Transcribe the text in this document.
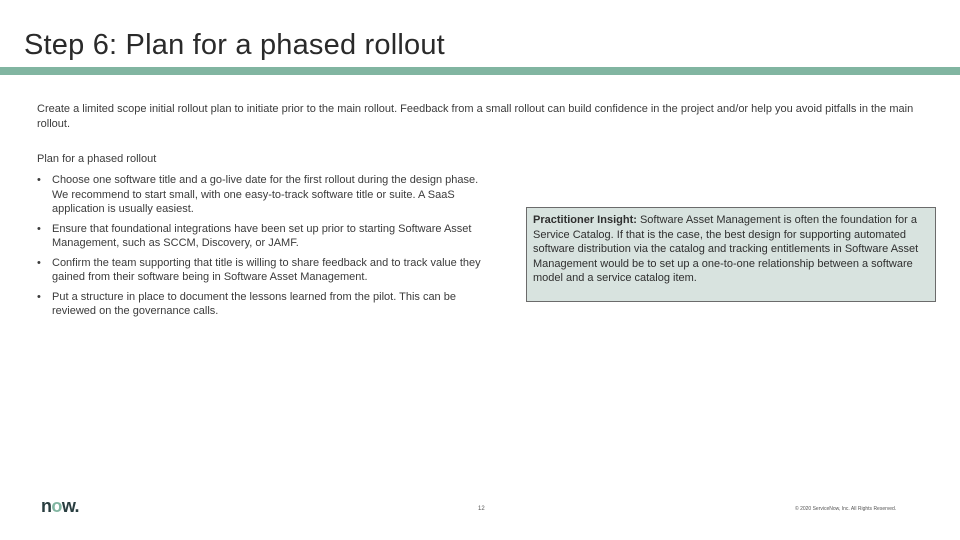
Step 6: Plan for a phased rollout

Create a limited scope initial rollout plan to initiate prior to the main rollout. Feedback from a small rollout can build confidence in the project and/or help you avoid pitfalls in the main rollout.

Plan for a phased rollout
• Choose one software title and a go-live date for the first rollout during the design phase. We recommend to start small, with one easy-to-track software title or suite. A SaaS application is usually easiest.
• Ensure that foundational integrations have been set up prior to starting Software Asset Management, such as SCCM, Discovery, or JAMF.
• Confirm the team supporting that title is willing to share feedback and to track value they gained from their software being in Software Asset Management.
• Put a structure in place to document the lessons learned from the pilot. This can be reviewed on the governance calls.
Practitioner Insight: Software Asset Management is often the foundation for a Service Catalog. If that is the case, the best design for supporting automated software distribution via the catalog and tracking entitlements in Software Asset Management would be to set up a one-to-one relationship between a software model and a service catalog item.
now.	12	© 2020 ServiceNow, Inc. All Rights Reserved.
